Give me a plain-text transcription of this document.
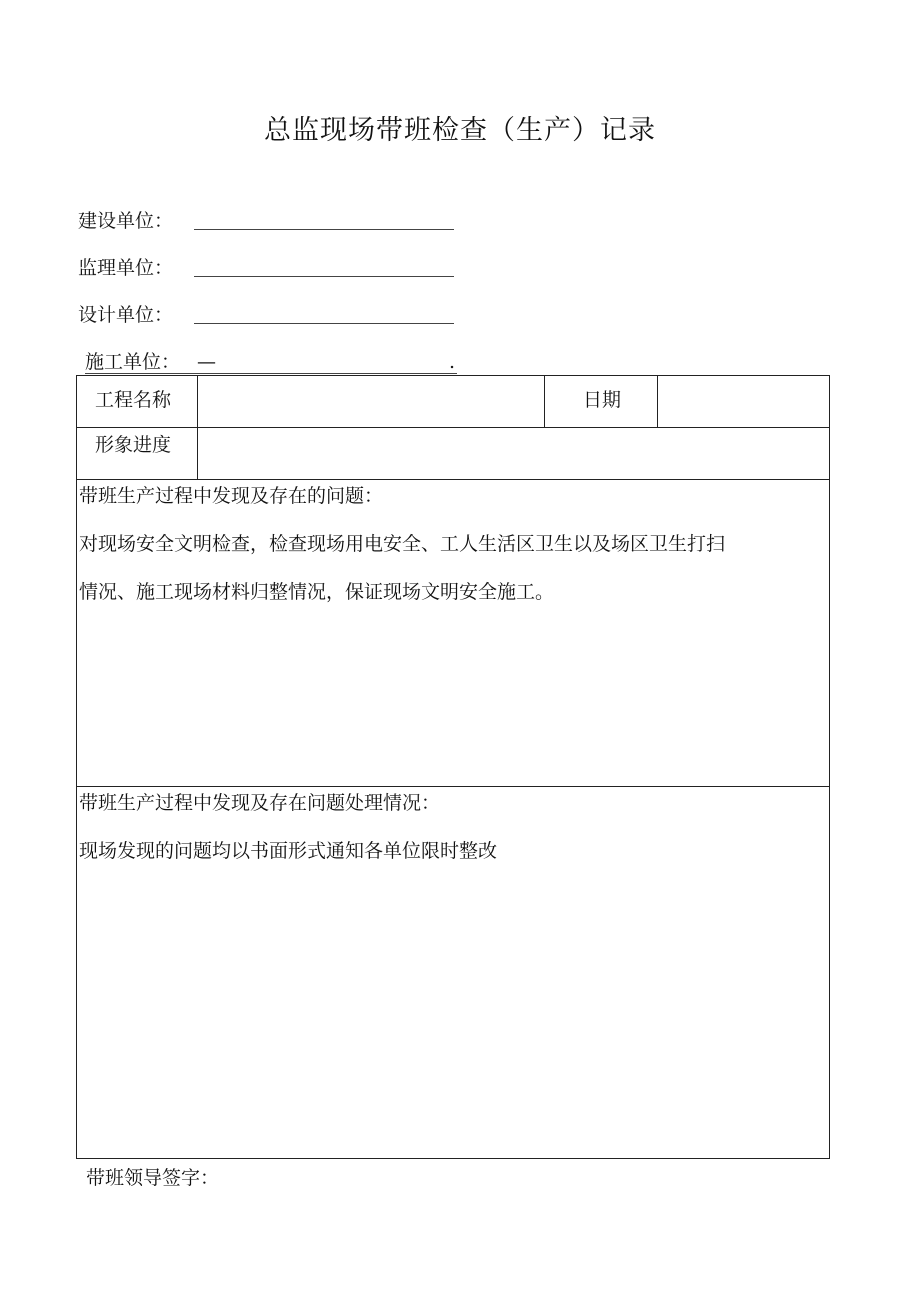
总监现场带班检查（生产）记录
建设单位：
监理单位：
设计单位：
施工单位： —	.
工程名称	日期
形象进度
带班生产过程中发现及存在的问题：
对现场安全文明检查，检查现场用电安全、工人生活区卫生以及场区卫生打扫
情况、施工现场材料归整情况，保证现场文明安全施工。
带班生产过程中发现及存在问题处理情况：
现场发现的问题均以书面形式通知各单位限时整改
带班领导签字：
